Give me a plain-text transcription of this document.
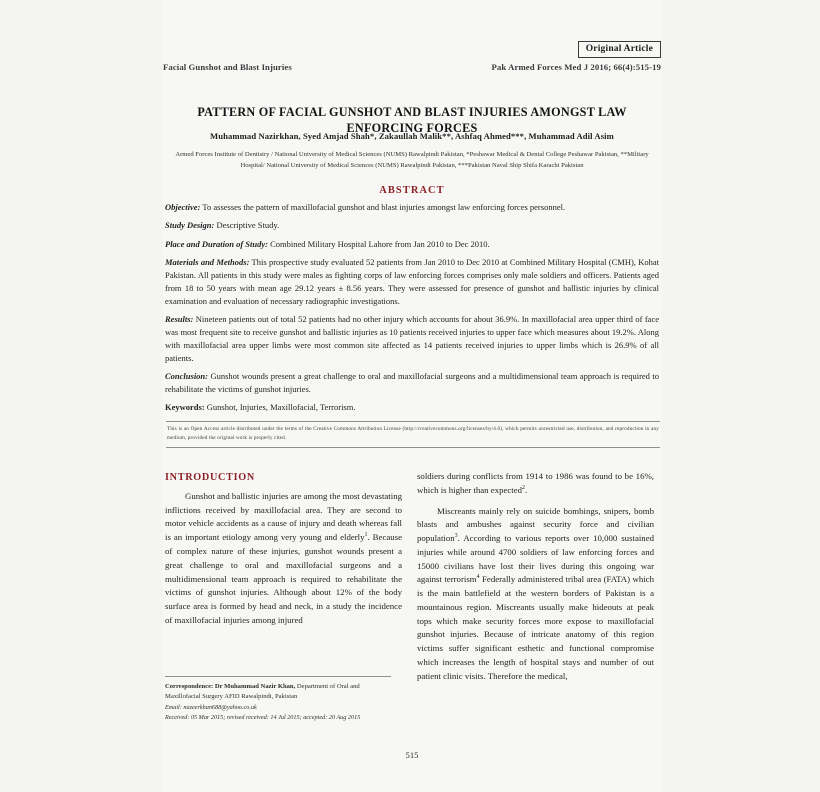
Original Article
Facial Gunshot and Blast Injuries	Pak Armed Forces Med J 2016; 66(4):515-19
PATTERN OF FACIAL GUNSHOT AND BLAST INJURIES AMONGST LAW ENFORCING FORCES
Muhammad Nazirkhan, Syed Amjad Shah*, Zakaullah Malik**, Ashfaq Ahmed***, Muhammad Adil Asim
Armed Forces Institute of Dentistry / National University of Medical Sciences (NUMS) Rawalpindi Pakistan, *Peshawar Medical & Dental College Peshawar Pakistan, **Military Hospital/ National University of Medical Sciences (NUMS) Rawalpindi Pakistan, ***Pakistan Naval Ship Shifa Karachi Pakistan
ABSTRACT

Objective: To assesses the pattern of maxillofacial gunshot and blast injuries amongst law enforcing forces personnel.

Study Design: Descriptive Study.

Place and Duration of Study: Combined Military Hospital Lahore from Jan 2010 to Dec 2010.

Materials and Methods: This prospective study evaluated 52 patients from Jan 2010 to Dec 2010 at Combined Military Hospital (CMH), Kohat Pakistan. All patients in this study were males as fighting corps of law enforcing forces comprises only male soldiers and officers. Patients aged from 18 to 50 years with mean age 29.12 years ± 8.56 years. They were assessed for presence of gunshot and ballistic injuries by clinical examination and evaluation of necessary radiographic investigations.

Results: Nineteen patients out of total 52 patients had no other injury which accounts for about 36.9%. In maxillofacial area upper third of face was most frequent site to receive gunshot and ballistic injuries as 10 patients received injuries to upper face which measures about 19.2%. Along with maxillofacial area upper limbs were most common site affected as 14 patients received injuries to upper limbs which is 26.9% of all patients.

Conclusion: Gunshot wounds present a great challenge to oral and maxillofacial surgeons and a multidimensional team approach is required to rehabilitate the victims of gunshot injuries.

Keywords: Gunshot, Injuries, Maxillofacial, Terrorism.

This is an Open Access article distributed under the terms of the Creative Commons Attribution License (http://creativecommons.org/licenses/by/4.0), which permits unrestricted use, distribution, and reproduction in any medium, provided the original work is properly cited.
INTRODUCTION

Gunshot and ballistic injuries are among the most devastating inflictions received by maxillofacial area. They are second to motor vehicle accidents as a cause of injury and death whereas fall is an important etiology among very young and elderly$^1$. Because of complex nature of these injuries, gunshot wounds present a great challenge to oral and maxillofacial surgeons and a multidimensional team approach is required to rehabilitate the victims of gunshot injuries. Although about 12% of the body surface area is formed by head and neck, in a study the incidence of maxillofacial injuries among injured

soldiers during conflicts from 1914 to 1986 was found to be 16%, which is higher than expected$^2$.

Miscreants mainly rely on suicide bombings, snipers, bomb blasts and ambushes against security force and civilian population$^3$. According to various reports over 10,000 sustained injuries while around 4700 soldiers of law enforcing forces and 15000 civilians have lost their lives during this ongoing war against terrorism$^4$ Federally administered tribal area (FATA) which is the main battlefield at the western borders of Pakistan is a mountainous region. Miscreants usually make hideouts at peak tops which make security forces more expose to maxillofacial gunshot injuries. Because of intricate anatomy of this region victims suffer significant esthetic and functional compromise which increases the length of hospital stays and number of out patient clinic visits. Therefore the medical,

Correspondence: Dr Muhammad Nazir Khan, Department of Oral and Maxillofacial Surgery AFID Rawalpindi, Pakistan

Email: nazeerkhan688@yahoo.co.uk

Received: 05 Mar 2015; revised received: 14 Jul 2015; accepted: 20 Aug 2015

515
